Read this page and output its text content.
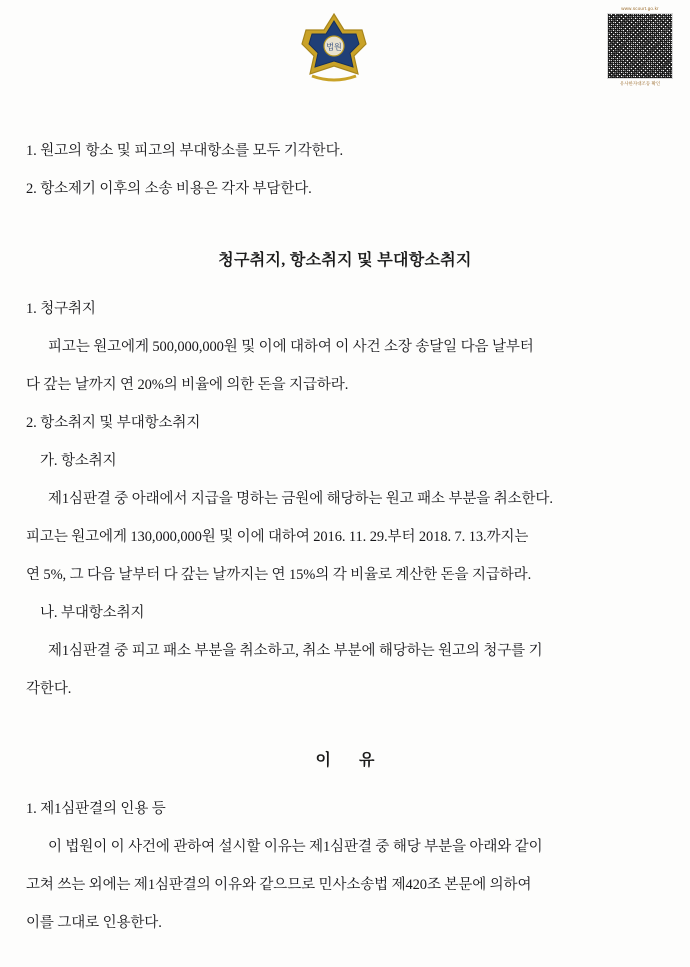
법원
www.scourt.go.kr
유사한자대조등 확인
1. 원고의 항소 및 피고의 부대항소를 모두 기각한다.
2. 항소제기 이후의 소송 비용은 각자 부담한다.
청구취지, 항소취지 및 부대항소취지
1. 청구취지
피고는 원고에게 500,000,000원 및 이에 대하여 이 사건 소장 송달일 다음 날부터
다 갚는 날까지 연 20%의 비율에 의한 돈을 지급하라.
2. 항소취지 및 부대항소취지
가. 항소취지
제1심판결 중 아래에서 지급을 명하는 금원에 해당하는 원고 패소 부분을 취소한다.
피고는 원고에게 130,000,000원 및 이에 대하여 2016. 11. 29.부터 2018. 7. 13.까지는
연 5%, 그 다음 날부터 다 갚는 날까지는 연 15%의 각 비율로 계산한 돈을 지급하라.
나. 부대항소취지
제1심판결 중 피고 패소 부분을 취소하고, 취소 부분에 해당하는 원고의 청구를 기
각한다.
이 유
1. 제1심판결의 인용 등
이 법원이 이 사건에 관하여 설시할 이유는 제1심판결 중 해당 부분을 아래와 같이
고쳐 쓰는 외에는 제1심판결의 이유와 같으므로 민사소송법 제420조 본문에 의하여
이를 그대로 인용한다.
